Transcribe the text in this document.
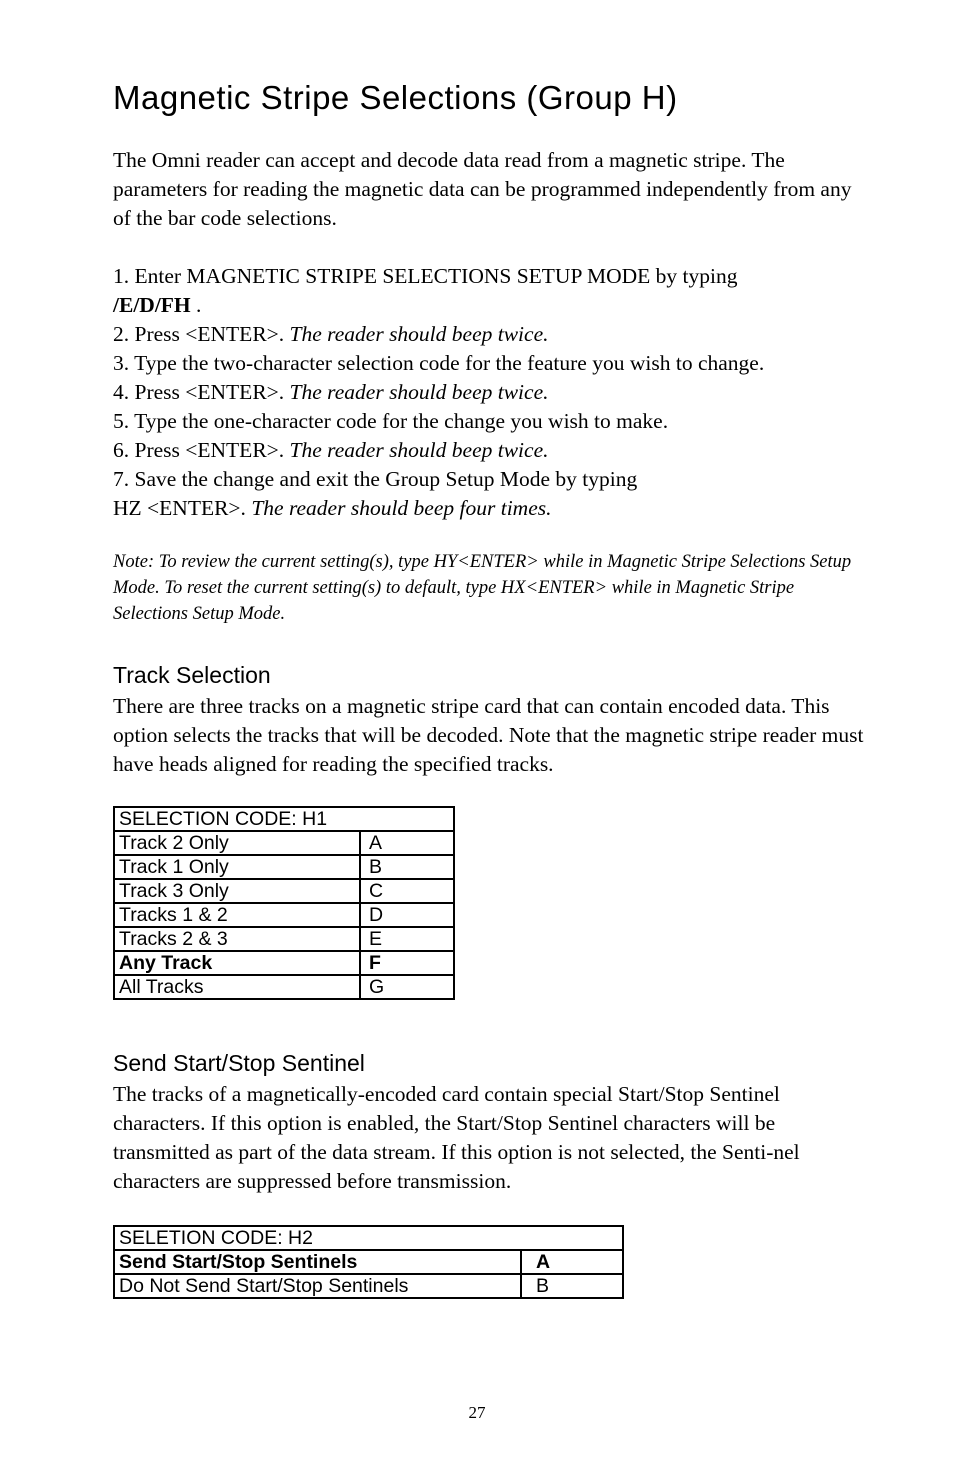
Magnetic Stripe Selections (Group H)

The Omni reader can accept and decode data read from a magnetic stripe. The parameters for reading the magnetic data can be programmed independently from any of the bar code selections.

1. Enter MAGNETIC STRIPE SELECTIONS SETUP MODE by typing
/E/D/FH .

2. Press <ENTER>. The reader should beep twice.

3. Type the two-character selection code for the feature you wish to change.

4. Press <ENTER>. The reader should beep twice.

5. Type the one-character code for the change you wish to make.

6. Press <ENTER>. The reader should beep twice.

7. Save the change and exit the Group Setup Mode by typing
HZ <ENTER>. The reader should beep four times.

Note: To review the current setting(s), type HY<ENTER> while in Magnetic Stripe Selections Setup Mode. To reset the current setting(s) to default, type HX<ENTER> while in Magnetic Stripe Selections Setup Mode.

Track Selection

There are three tracks on a magnetic stripe card that can contain encoded data. This option selects the tracks that will be decoded. Note that the magnetic stripe reader must have heads aligned for reading the specified tracks.

SELECTION CODE: H1	
Track 2 Only	A
Track 1 Only	B
Track 3 Only	C
Tracks 1 & 2	D
Tracks 2 & 3	E
Any Track	F
All Tracks	G
Send Start/Stop Sentinel

The tracks of a magnetically-encoded card contain special Start/Stop Sentinel characters. If this option is enabled, the Start/Stop Sentinel characters will be transmitted as part of the data stream. If this option is not selected, the Senti-nel characters are suppressed before transmission.

SELETION CODE: H2	
Send Start/Stop Sentinels	A
Do Not Send Start/Stop Sentinels	B
27
